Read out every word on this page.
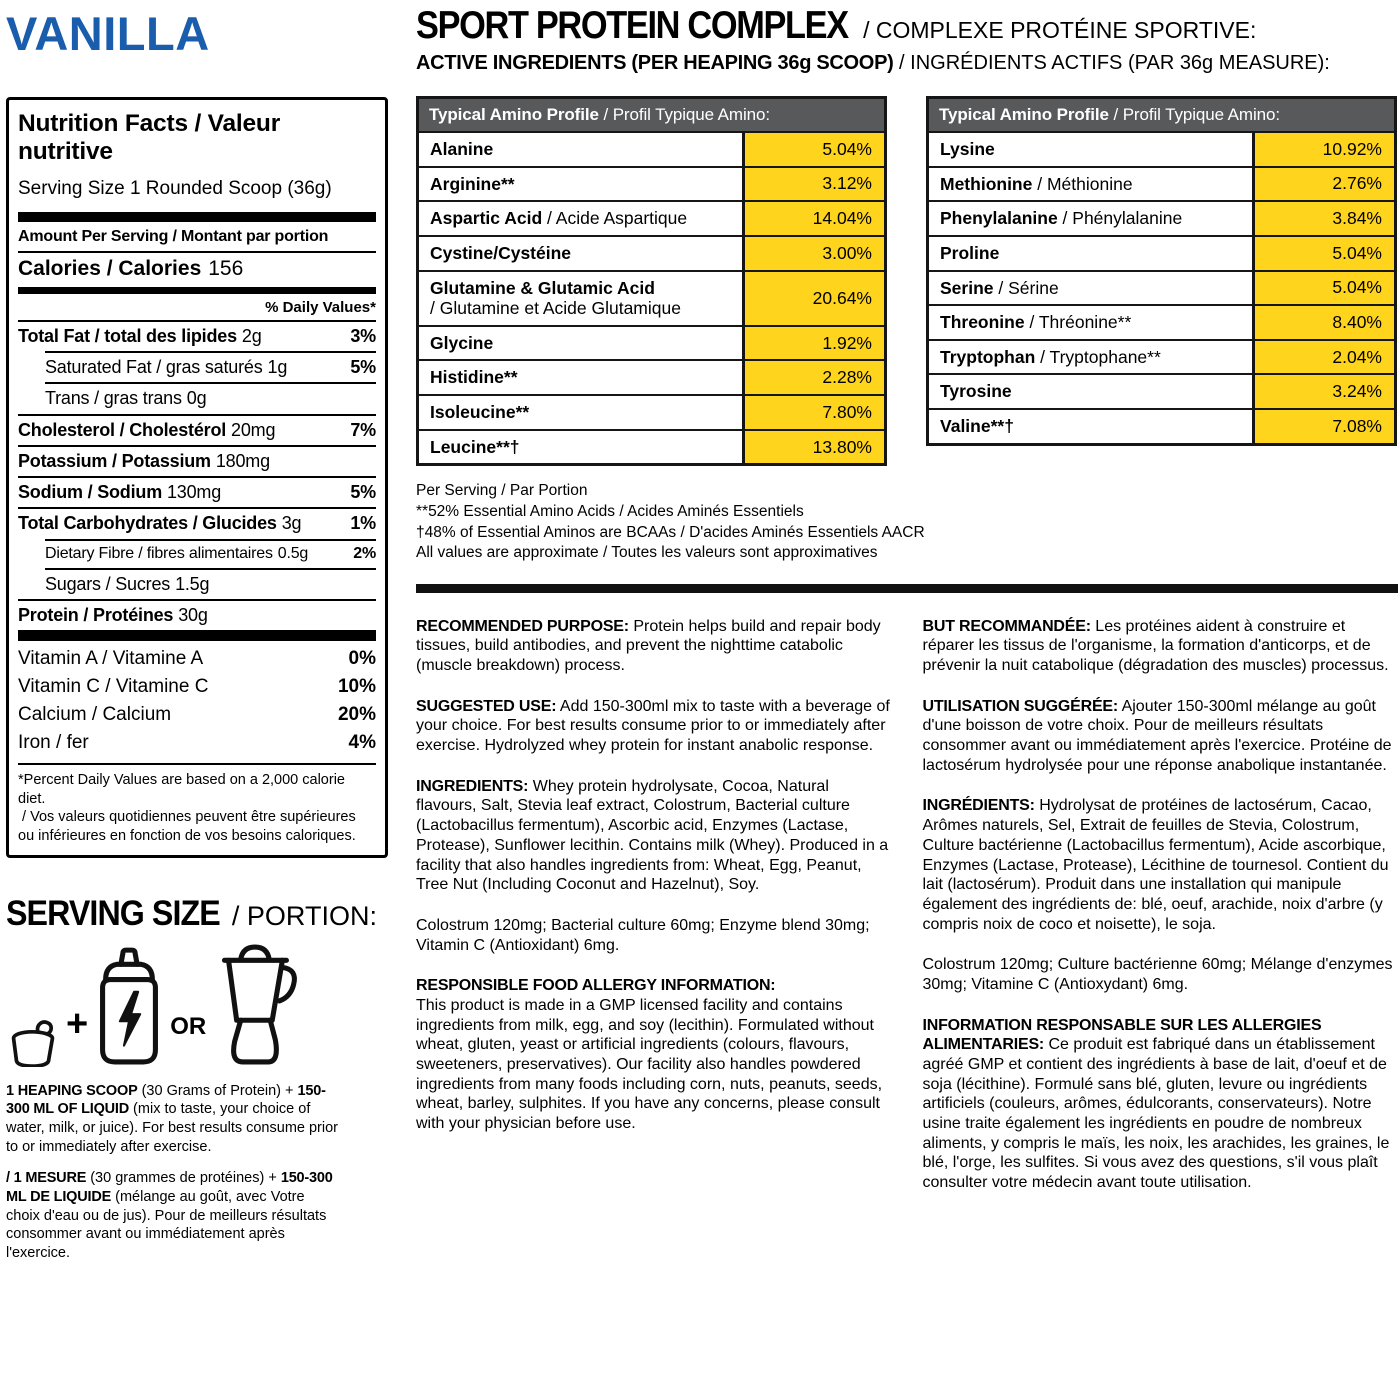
VANILLA
Nutrition Facts / Valeur nutritive
Serving Size 1 Rounded Scoop (36g)
Amount Per Serving / Montant par portion
Calories / Calories 156
% Daily Values*
Total Fat / total des lipides 2g	3%
Saturated Fat / gras saturés 1g	5%
Trans / gras trans 0g
Cholesterol / Cholestérol 20mg	7%
Potassium / Potassium 180mg
Sodium / Sodium 130mg	5%
Total Carbohydrates / Glucides 3g	1%
Dietary Fibre / fibres alimentaires 0.5g	2%
Sugars / Sucres 1.5g
Protein / Protéines 30g
Vitamin A / Vitamine A	0%
Vitamin C / Vitamine C	10%
Calcium / Calcium	20%
Iron / fer	4%
*Percent Daily Values are based on a 2,000 calorie diet.
/ Vos valeurs quotidiennes peuvent être supérieures
ou inférieures en fonction de vos besoins caloriques.
SERVING SIZE / PORTION:
+	OR
1 HEAPING SCOOP (30 Grams of Protein) + 150-300 ML OF LIQUID (mix to taste, your choice of water, milk, or juice). For best results consume prior to or immediately after exercise.
/ 1 MESURE (30 grammes de protéines) + 150-300 ML DE LIQUIDE (mélange au goût, avec Votre choix d'eau ou de jus). Pour de meilleurs résultats consommer avant ou immédiatement après l'exercice.
SPORT PROTEIN COMPLEX / COMPLEXE PROTÉINE SPORTIVE:
ACTIVE INGREDIENTS (PER HEAPING 36g SCOOP) / INGRÉDIENTS ACTIFS (PAR 36g MEASURE):
Typical Amino Profile / Profil Typique Amino:
Alanine	5.04%
Arginine**	3.12%
Aspartic Acid / Acide Aspartique	14.04%
Cystine/Cystéine	3.00%
Glutamine & Glutamic Acid
/ Glutamine et Acide Glutamique
20.64%
Glycine	1.92%
Histidine**	2.28%
Isoleucine**	7.80%
Leucine**†	13.80%
Typical Amino Profile / Profil Typique Amino:
Lysine	10.92%
Methionine / Méthionine	2.76%
Phenylalanine / Phénylalanine	3.84%
Proline	5.04%
Serine / Sérine	5.04%
Threonine / Thréonine**	8.40%
Tryptophan / Tryptophane**	2.04%
Tyrosine	3.24%
Valine**†	7.08%
Per Serving / Par Portion
**52% Essential Amino Acids / Acides Aminés Essentiels
†48% of Essential Aminos are BCAAs / D'acides Aminés Essentiels AACR
All values are approximate / Toutes les valeurs sont approximatives

RECOMMENDED PURPOSE: Protein helps build and repair body tissues, build antibodies, and prevent the nighttime catabolic (muscle breakdown) process.

SUGGESTED USE: Add 150-300ml mix to taste with a beverage of your choice. For best results consume prior to or immediately after exercise. Hydrolyzed whey protein for instant anabolic response.

INGREDIENTS: Whey protein hydrolysate, Cocoa, Natural flavours, Salt, Stevia leaf extract, Colostrum, Bacterial culture (Lactobacillus fermentum), Ascorbic acid, Enzymes (Lactase, Protease), Sunflower lecithin. Contains milk (Whey). Produced in a facility that also handles ingredients from: Wheat, Egg, Peanut, Tree Nut (Including Coconut and Hazelnut), Soy.

Colostrum 120mg; Bacterial culture 60mg; Enzyme blend 30mg; Vitamin C (Antioxidant) 6mg.

RESPONSIBLE FOOD ALLERGY INFORMATION:
This product is made in a GMP licensed facility and contains ingredients from milk, egg, and soy (lecithin). Formulated without wheat, gluten, yeast or artificial ingredients (colours, flavours, sweeteners, preservatives). Our facility also handles powdered ingredients from many foods including corn, nuts, peanuts, seeds, wheat, barley, sulphites. If you have any concerns, please consult with your physician before use.

BUT RECOMMANDÉE: Les protéines aident à construire et réparer les tissus de l'organisme, la formation d'anticorps, et de prévenir la nuit catabolique (dégradation des muscles) processus.

UTILISATION SUGGÉRÉE: Ajouter 150-300ml mélange au goût d'une boisson de votre choix. Pour de meilleurs résultats consommer avant ou immédiatement après l'exercice. Protéine de lactosérum hydrolysée pour une réponse anabolique instantanée.

INGRÉDIENTS: Hydrolysat de protéines de lactosérum, Cacao, Arômes naturels, Sel, Extrait de feuilles de Stevia, Colostrum, Culture bactérienne (Lactobacillus fermentum), Acide ascorbique, Enzymes (Lactase, Protease), Lécithine de tournesol. Contient du lait (lactosérum). Produit dans une installation qui manipule également des ingrédients de: blé, oeuf, arachide, noix d'arbre (y compris noix de coco et noisette), le soja.

Colostrum 120mg; Culture bactérienne 60mg; Mélange d'enzymes 30mg; Vitamine C (Antioxydant) 6mg.

INFORMATION RESPONSABLE SUR LES ALLERGIES ALIMENTARIES: Ce produit est fabriqué dans un établissement agréé GMP et contient des ingrédients à base de lait, d'oeuf et de soja (lécithine). Formulé sans blé, gluten, levure ou ingrédients artificiels (couleurs, arômes, édulcorants, conservateurs). Notre usine traite également les ingrédients en poudre de nombreux aliments, y compris le maïs, les noix, les arachides, les graines, le blé, l'orge, les sulfites. Si vous avez des questions, s'il vous plaît consulter votre médecin avant toute utilisation.
